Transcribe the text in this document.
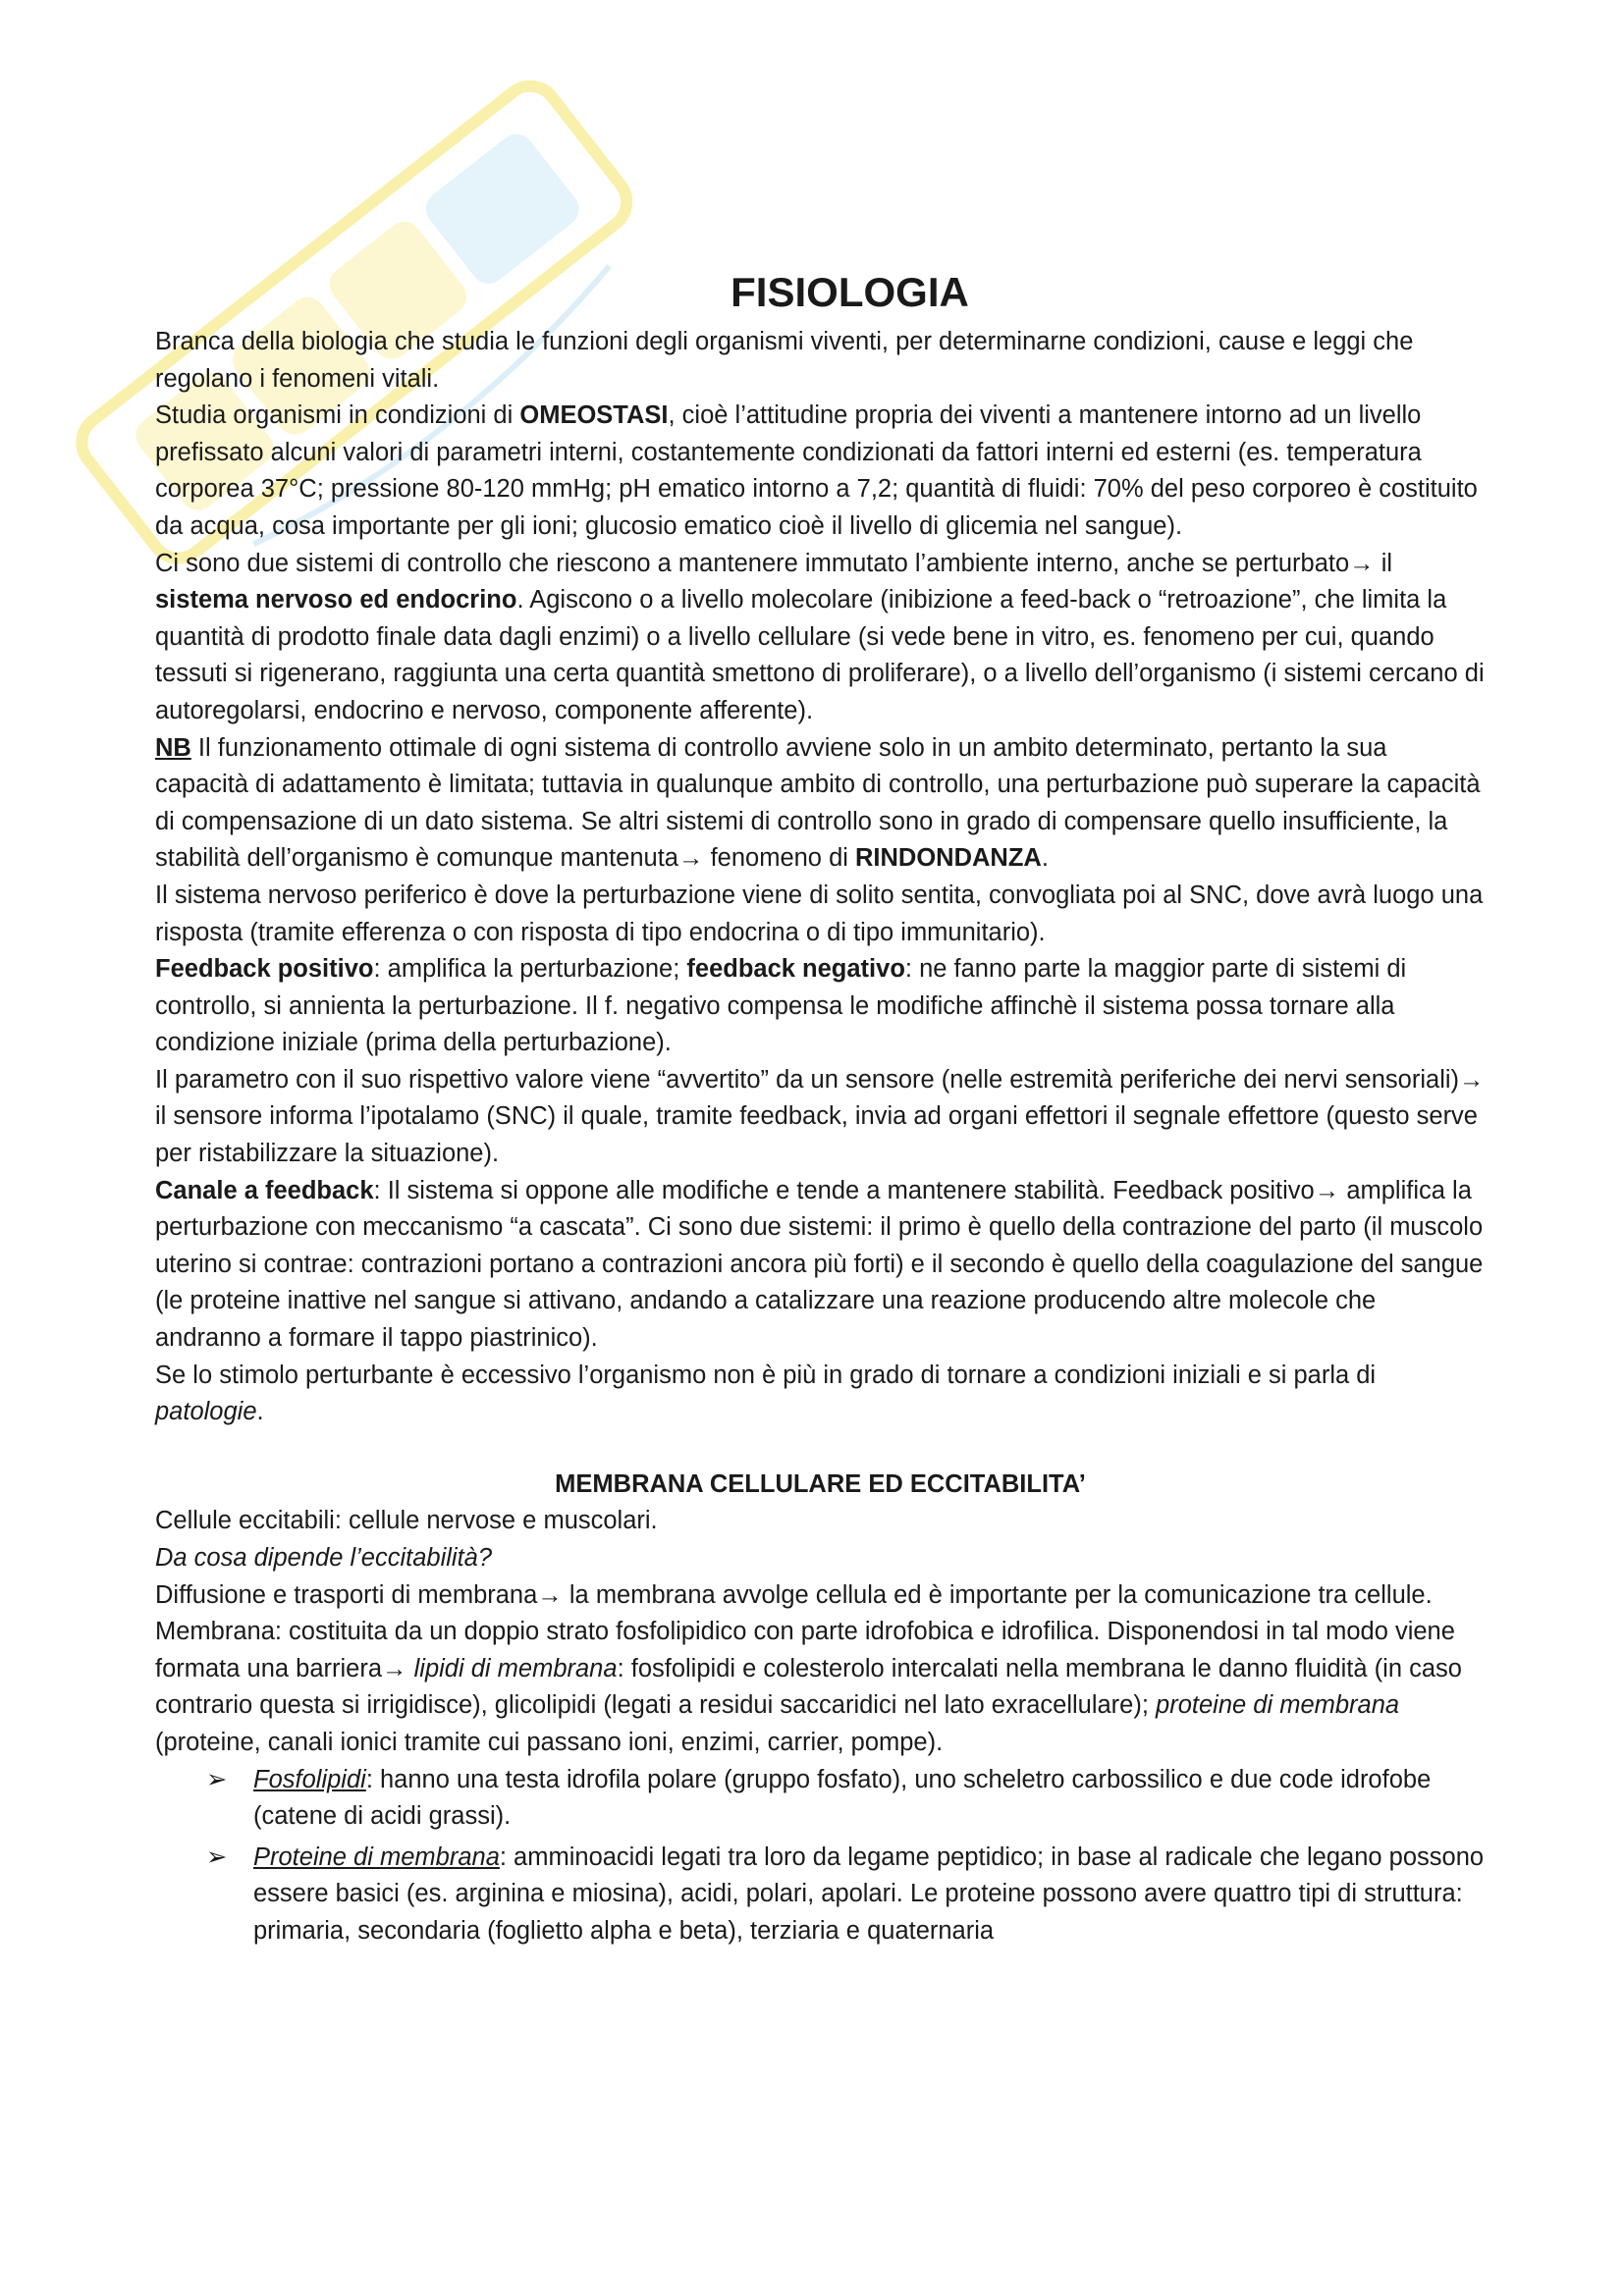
FISIOLOGIA

Branca della biologia che studia le funzioni degli organismi viventi, per determinarne condizioni, cause e leggi che regolano i fenomeni vitali.

Studia organismi in condizioni di OMEOSTASI, cioè l’attitudine propria dei viventi a mantenere intorno ad un livello prefissato alcuni valori di parametri interni, costantemente condizionati da fattori interni ed esterni (es. temperatura corporea 37°C; pressione 80-120 mmHg; pH ematico intorno a 7,2; quantità di fluidi: 70% del peso corporeo è costituito da acqua, cosa importante per gli ioni; glucosio ematico cioè il livello di glicemia nel sangue).

Ci sono due sistemi di controllo che riescono a mantenere immutato l’ambiente interno, anche se perturbato→ il sistema nervoso ed endocrino. Agiscono o a livello molecolare (inibizione a feed-back o “retroazione”, che limita la quantità di prodotto finale data dagli enzimi) o a livello cellulare (si vede bene in vitro, es. fenomeno per cui, quando tessuti si rigenerano, raggiunta una certa quantità smettono di proliferare), o a livello dell’organismo (i sistemi cercano di autoregolarsi, endocrino e nervoso, componente afferente).

NB Il funzionamento ottimale di ogni sistema di controllo avviene solo in un ambito determinato, pertanto la sua capacità di adattamento è limitata; tuttavia in qualunque ambito di controllo, una perturbazione può superare la capacità di compensazione di un dato sistema. Se altri sistemi di controllo sono in grado di compensare quello insufficiente, la stabilità dell’organismo è comunque mantenuta→ fenomeno di RINDONDANZA.

Il sistema nervoso periferico è dove la perturbazione viene di solito sentita, convogliata poi al SNC, dove avrà luogo una risposta (tramite efferenza o con risposta di tipo endocrina o di tipo immunitario).

Feedback positivo: amplifica la perturbazione; feedback negativo: ne fanno parte la maggior parte di sistemi di controllo, si annienta la perturbazione. Il f. negativo compensa le modifiche affinchè il sistema possa tornare alla condizione iniziale (prima della perturbazione).

Il parametro con il suo rispettivo valore viene “avvertito” da un sensore (nelle estremità periferiche dei nervi sensoriali)→ il sensore informa l’ipotalamo (SNC) il quale, tramite feedback, invia ad organi effettori il segnale effettore (questo serve per ristabilizzare la situazione).

Canale a feedback: Il sistema si oppone alle modifiche e tende a mantenere stabilità. Feedback positivo→ amplifica la perturbazione con meccanismo “a cascata”. Ci sono due sistemi: il primo è quello della contrazione del parto (il muscolo uterino si contrae: contrazioni portano a contrazioni ancora più forti) e il secondo è quello della coagulazione del sangue (le proteine inattive nel sangue si attivano, andando a catalizzare una reazione producendo altre molecole che andranno a formare il tappo piastrinico).

Se lo stimolo perturbante è eccessivo l’organismo non è più in grado di tornare a condizioni iniziali e si parla di patologie.

MEMBRANA CELLULARE ED ECCITABILITA’

Cellule eccitabili: cellule nervose e muscolari.

Da cosa dipende l’eccitabilità?

Diffusione e trasporti di membrana→ la membrana avvolge cellula ed è importante per la comunicazione tra cellule. Membrana: costituita da un doppio strato fosfolipidico con parte idrofobica e idrofilica. Disponendosi in tal modo viene formata una barriera→ lipidi di membrana: fosfolipidi e colesterolo intercalati nella membrana le danno fluidità (in caso contrario questa si irrigidisce), glicolipidi (legati a residui saccaridici nel lato exracellulare); proteine di membrana (proteine, canali ionici tramite cui passano ioni, enzimi, carrier, pompe).

➢ Fosfolipidi: hanno una testa idrofila polare (gruppo fosfato), uno scheletro carbossilico e due code idrofobe (catene di acidi grassi).
➢ Proteine di membrana: amminoacidi legati tra loro da legame peptidico; in base al radicale che legano possono essere basici (es. arginina e miosina), acidi, polari, apolari. Le proteine possono avere quattro tipi di struttura: primaria, secondaria (foglietto alpha e beta), terziaria e quaternaria
